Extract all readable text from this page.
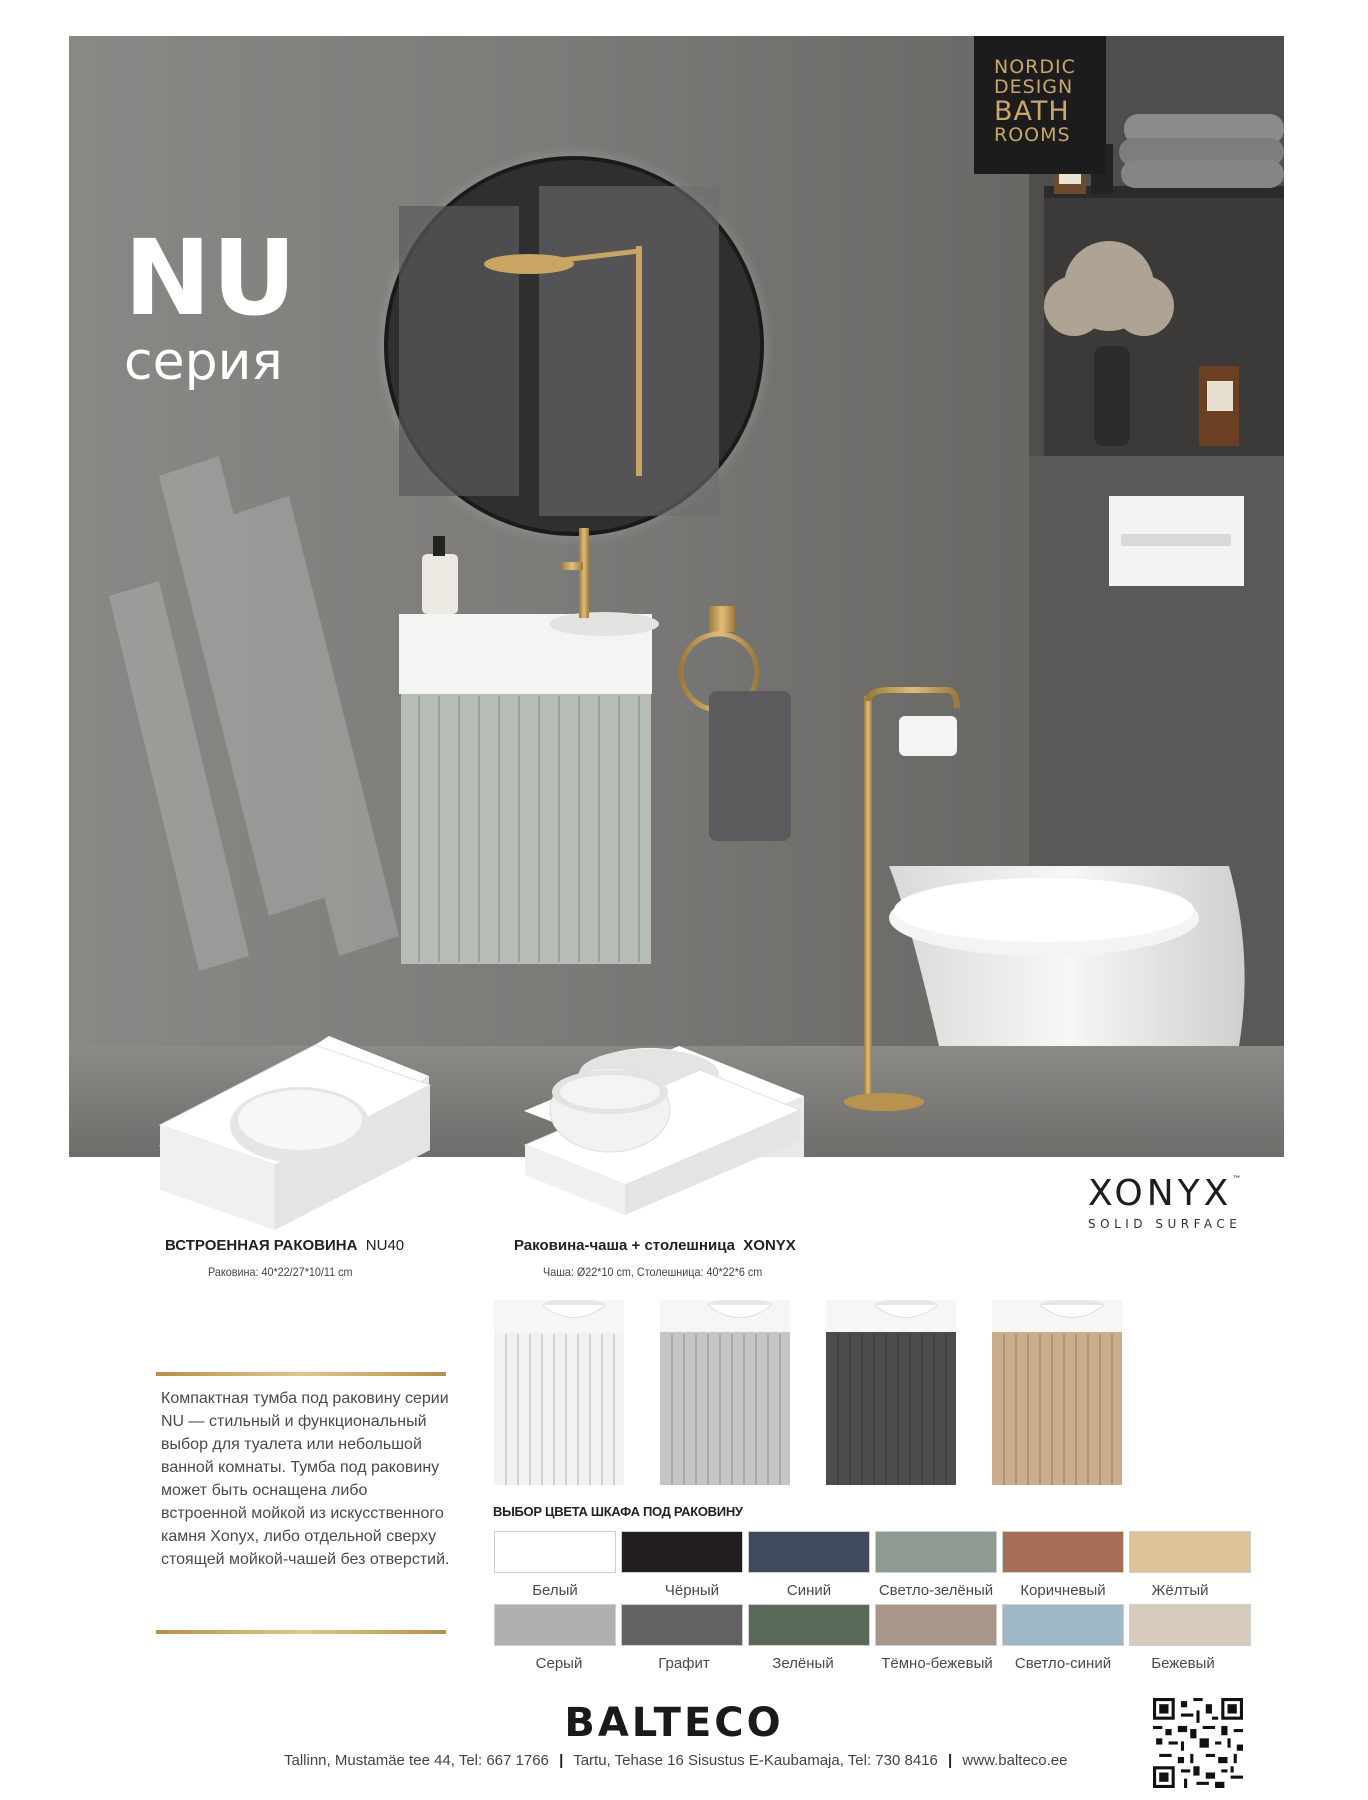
NU
серия
NORDIC
DESIGN
BATH
ROOMS
ВСТРОЕННАЯ РАКОВИНА NU40
Раковина: 40*22/27*10/11 cm
Раковина-чаша + столешница XONYX
Чаша: Ø22*10 cm, Столешница: 40*22*6 cm
XONYX™
SOLID SURFACE
Компактная тумба под раковину серии NU — стильный и функциональный выбор для туалета или небольшой ванной комнаты. Тумба под раковину может быть оснащена либо встроенной мойкой из искусственного камня Xonyx, либо отдельной сверху стоящей мойкой-чашей без отверстий.
ВЫБОР ЦВЕТА ШКАФА ПОД РАКОВИНУ
Белый	Чёрный	Синий	Светло-зелёный	Коричневый	Жёлтый
Серый	Графит	Зелёный	Тёмно-бежевый	Светло-синий	Бежевый
BALTECO
Tallinn, Mustamäe tee 44, Tel: 667 1766 | Tartu, Tehase 16 Sisustus E-Kaubamaja, Tel: 730 8416 | www.balteco.ee
